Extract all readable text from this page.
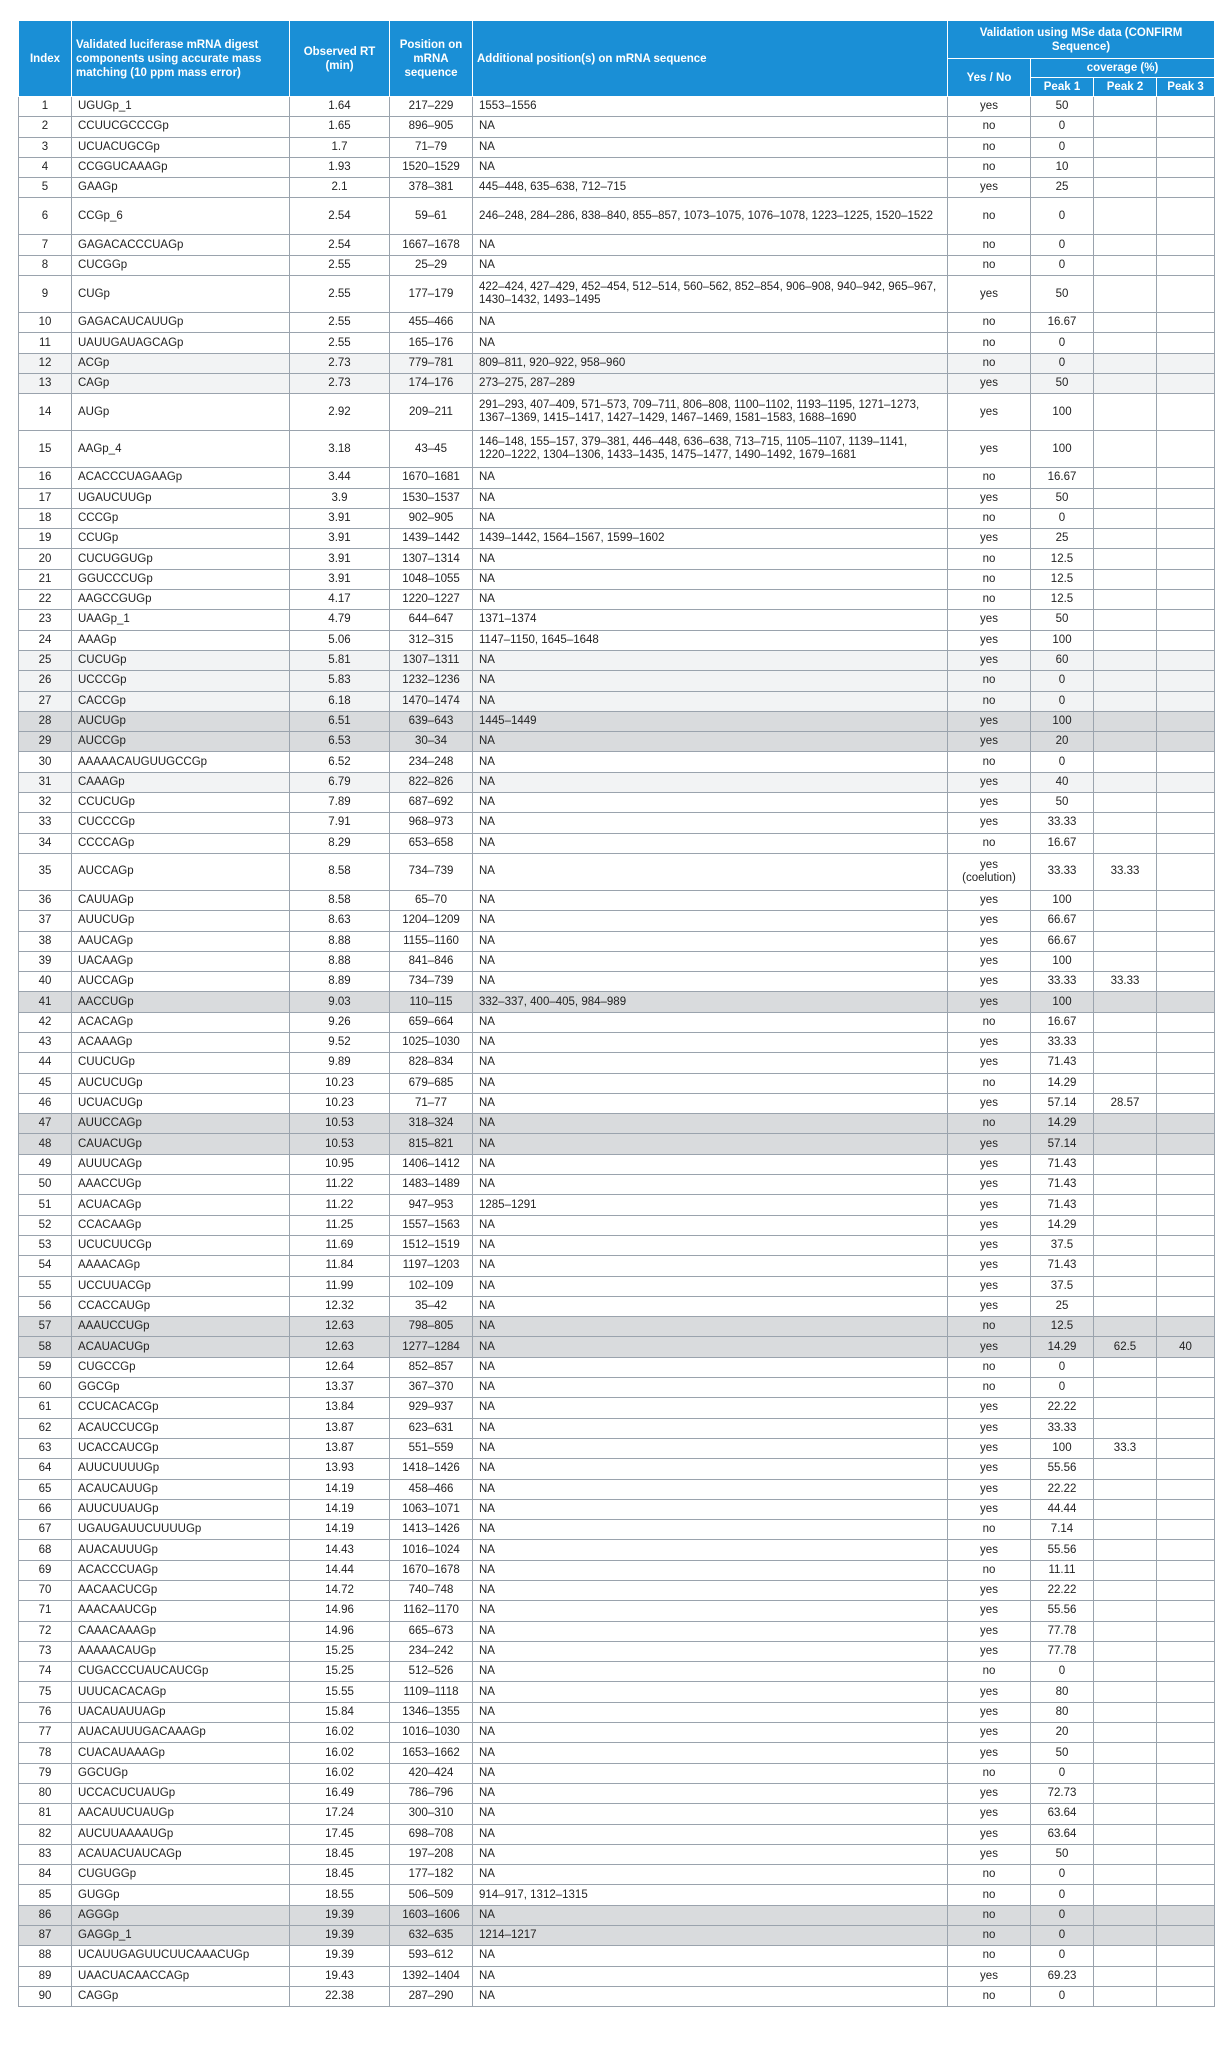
Index	Validated luciferase mRNA digest components using accurate mass matching (10 ppm mass error)	Observed RT (min)	Position on mRNA sequence	Additional position(s) on mRNA sequence	Validation using MSe data (CONFIRM Sequence)			
					Yes / No	coverage (%)		
						Peak 1	Peak 2	Peak 3
1	UGUGp_1	1.64	217–229	1553–1556	yes	50		
2	CCUUCGCCCGp	1.65	896–905	NA	no	0		
3	UCUACUGCGp	1.7	71–79	NA	no	0		
4	CCGGUCAAAGp	1.93	1520–1529	NA	no	10		
5	GAAGp	2.1	378–381	445–448, 635–638, 712–715	yes	25		
6	CCGp_6	2.54	59–61	246–248, 284–286, 838–840, 855–857, 1073–1075, 1076–1078, 1223–1225, 1520–1522	no	0		
7	GAGACACCCUAGp	2.54	1667–1678	NA	no	0		
8	CUCGGp	2.55	25–29	NA	no	0		
9	CUGp	2.55	177–179	422–424, 427–429, 452–454, 512–514, 560–562, 852–854, 906–908, 940–942, 965–967, 1430–1432, 1493–1495	yes	50		
10	GAGACAUCAUUGp	2.55	455–466	NA	no	16.67		
11	UAUUGAUAGCAGp	2.55	165–176	NA	no	0		
12	ACGp	2.73	779–781	809–811, 920–922, 958–960	no	0		
13	CAGp	2.73	174–176	273–275, 287–289	yes	50		
14	AUGp	2.92	209–211	291–293, 407–409, 571–573, 709–711, 806–808, 1100–1102, 1193–1195, 1271–1273, 1367–1369, 1415–1417, 1427–1429, 1467–1469, 1581–1583, 1688–1690	yes	100		
15	AAGp_4	3.18	43–45	146–148, 155–157, 379–381, 446–448, 636–638, 713–715, 1105–1107, 1139–1141, 1220–1222, 1304–1306, 1433–1435, 1475–1477, 1490–1492, 1679–1681	yes	100		
16	ACACCCUAGAAGp	3.44	1670–1681	NA	no	16.67		
17	UGAUCUUGp	3.9	1530–1537	NA	yes	50		
18	CCCGp	3.91	902–905	NA	no	0		
19	CCUGp	3.91	1439–1442	1439–1442, 1564–1567, 1599–1602	yes	25		
20	CUCUGGUGp	3.91	1307–1314	NA	no	12.5		
21	GGUCCCUGp	3.91	1048–1055	NA	no	12.5		
22	AAGCCGUGp	4.17	1220–1227	NA	no	12.5		
23	UAAGp_1	4.79	644–647	1371–1374	yes	50		
24	AAAGp	5.06	312–315	1147–1150, 1645–1648	yes	100		
25	CUCUGp	5.81	1307–1311	NA	yes	60		
26	UCCCGp	5.83	1232–1236	NA	no	0		
27	CACCGp	6.18	1470–1474	NA	no	0		
28	AUCUGp	6.51	639–643	1445–1449	yes	100		
29	AUCCGp	6.53	30–34	NA	yes	20		
30	AAAAACAUGUUGCCGp	6.52	234–248	NA	no	0		
31	CAAAGp	6.79	822–826	NA	yes	40		
32	CCUCUGp	7.89	687–692	NA	yes	50		
33	CUCCCGp	7.91	968–973	NA	yes	33.33		
34	CCCCAGp	8.29	653–658	NA	no	16.67		
35	AUCCAGp	8.58	734–739	NA	yes (coelution)	33.33	33.33	
36	CAUUAGp	8.58	65–70	NA	yes	100		
37	AUUCUGp	8.63	1204–1209	NA	yes	66.67		
38	AAUCAGp	8.88	1155–1160	NA	yes	66.67		
39	UACAAGp	8.88	841–846	NA	yes	100		
40	AUCCAGp	8.89	734–739	NA	yes	33.33	33.33	
41	AACCUGp	9.03	110–115	332–337, 400–405, 984–989	yes	100		
42	ACACAGp	9.26	659–664	NA	no	16.67		
43	ACAAAGp	9.52	1025–1030	NA	yes	33.33		
44	CUUCUGp	9.89	828–834	NA	yes	71.43		
45	AUCUCUGp	10.23	679–685	NA	no	14.29		
46	UCUACUGp	10.23	71–77	NA	yes	57.14	28.57	
47	AUUCCAGp	10.53	318–324	NA	no	14.29		
48	CAUACUGp	10.53	815–821	NA	yes	57.14		
49	AUUUCAGp	10.95	1406–1412	NA	yes	71.43		
50	AAACCUGp	11.22	1483–1489	NA	yes	71.43		
51	ACUACAGp	11.22	947–953	1285–1291	yes	71.43		
52	CCACAAGp	11.25	1557–1563	NA	yes	14.29		
53	UCUCUUCGp	11.69	1512–1519	NA	yes	37.5		
54	AAAACAGp	11.84	1197–1203	NA	yes	71.43		
55	UCCUUACGp	11.99	102–109	NA	yes	37.5		
56	CCACCAUGp	12.32	35–42	NA	yes	25		
57	AAAUCCUGp	12.63	798–805	NA	no	12.5		
58	ACAUACUGp	12.63	1277–1284	NA	yes	14.29	62.5	40
59	CUGCCGp	12.64	852–857	NA	no	0		
60	GGCGp	13.37	367–370	NA	no	0		
61	CCUCACACGp	13.84	929–937	NA	yes	22.22		
62	ACAUCCUCGp	13.87	623–631	NA	yes	33.33		
63	UCACCAUCGp	13.87	551–559	NA	yes	100	33.3	
64	AUUCUUUUGp	13.93	1418–1426	NA	yes	55.56		
65	ACAUCAUUGp	14.19	458–466	NA	yes	22.22		
66	AUUCUUAUGp	14.19	1063–1071	NA	yes	44.44		
67	UGAUGAUUCUUUUGp	14.19	1413–1426	NA	no	7.14		
68	AUACAUUUGp	14.43	1016–1024	NA	yes	55.56		
69	ACACCCUAGp	14.44	1670–1678	NA	no	11.11		
70	AACAACUCGp	14.72	740–748	NA	yes	22.22		
71	AAACAAUCGp	14.96	1162–1170	NA	yes	55.56		
72	CAAACAAAGp	14.96	665–673	NA	yes	77.78		
73	AAAAACAUGp	15.25	234–242	NA	yes	77.78		
74	CUGACCCUAUCAUCGp	15.25	512–526	NA	no	0		
75	UUUCACACAGp	15.55	1109–1118	NA	yes	80		
76	UACAUAUUAGp	15.84	1346–1355	NA	yes	80		
77	AUACAUUUGACAAAGp	16.02	1016–1030	NA	yes	20		
78	CUACAUAAAGp	16.02	1653–1662	NA	yes	50		
79	GGCUGp	16.02	420–424	NA	no	0		
80	UCCACUCUAUGp	16.49	786–796	NA	yes	72.73		
81	AACAUUCUAUGp	17.24	300–310	NA	yes	63.64		
82	AUCUUAAAAUGp	17.45	698–708	NA	yes	63.64		
83	ACAUACUAUCAGp	18.45	197–208	NA	yes	50		
84	CUGUGGp	18.45	177–182	NA	no	0		
85	GUGGp	18.55	506–509	914–917, 1312–1315	no	0		
86	AGGGp	19.39	1603–1606	NA	no	0		
87	GAGGp_1	19.39	632–635	1214–1217	no	0		
88	UCAUUGAGUUCUUCAAACUGp	19.39	593–612	NA	no	0		
89	UAACUACAACCAGp	19.43	1392–1404	NA	yes	69.23		
90	CAGGp	22.38	287–290	NA	no	0		
